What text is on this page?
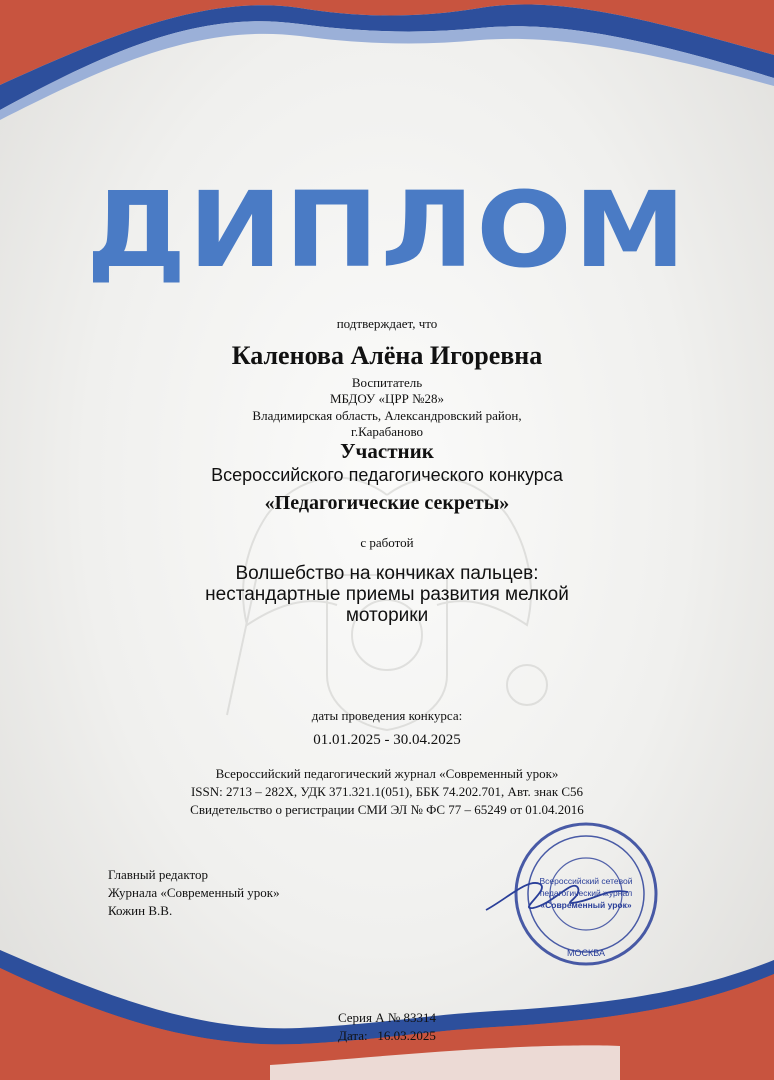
ДИПЛОМ
подтверждает, что
Каленова Алёна Игоревна
Воспитатель
МБДОУ «ЦРР №28»
Владимирская область, Александровский район,
г.Карабаново
Участник
Всероссийского педагогического конкурса
«Педагогические секреты»
с работой
Волшебство на кончиках пальцев:
нестандартные приемы развития мелкой
моторики
даты проведения конкурса:
01.01.2025 - 30.04.2025
Всероссийский педагогический журнал «Современный урок»
ISSN: 2713 – 282X, УДК 371.321.1(051), ББК 74.202.701, Авт. знак С56
Свидетельство о регистрации СМИ ЭЛ № ФС 77 – 65249 от 01.04.2016
Главный редактор
Журнала «Современный урок»
Кожин В.В.
Всероссийский сетевой
педагогический журнал
«Современный урок»
МОСКВА
Серия А № 83314
Дата:   16.03.2025
